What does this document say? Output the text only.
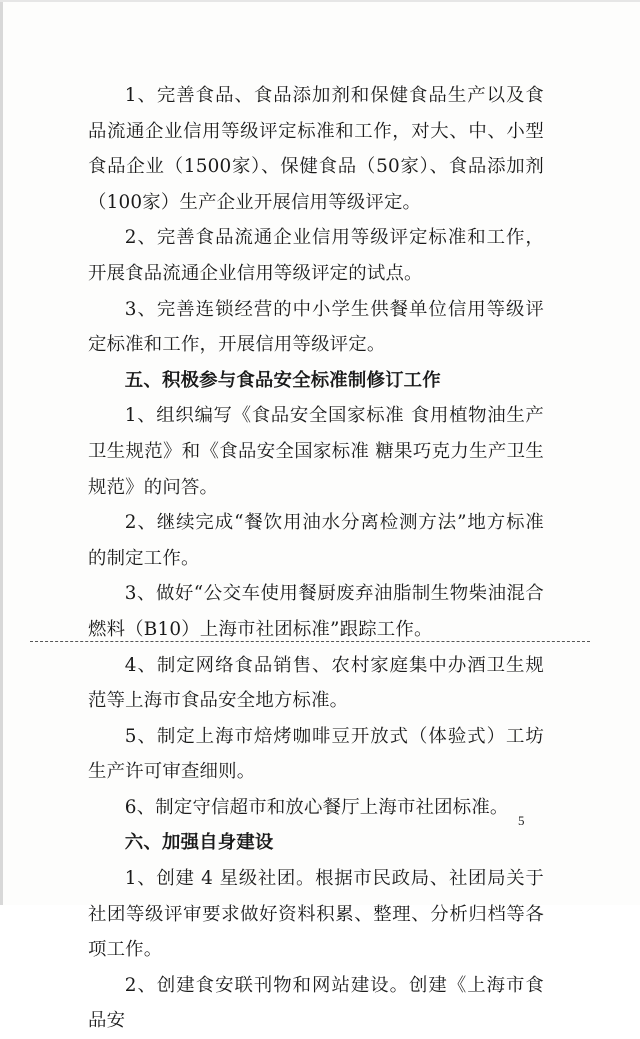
1、完善食品、食品添加剂和保健食品生产以及食品流通企业信用等级评定标准和工作，对大、中、小型食品企业（1500家）、保健食品（50家）、食品添加剂（100家）生产企业开展信用等级评定。

2、完善食品流通企业信用等级评定标准和工作，开展食品流通企业信用等级评定的试点。

3、完善连锁经营的中小学生供餐单位信用等级评定标准和工作，开展信用等级评定。

五、积极参与食品安全标准制修订工作

1、组织编写《食品安全国家标准 食用植物油生产卫生规范》和《食品安全国家标准 糖果巧克力生产卫生规范》的问答。

2、继续完成“餐饮用油水分离检测方法”地方标准的制定工作。

3、做好“公交车使用餐厨废弃油脂制生物柴油混合燃料（B10）上海市社团标准”跟踪工作。

4、制定网络食品销售、农村家庭集中办酒卫生规范等上海市食品安全地方标准。

5、制定上海市焙烤咖啡豆开放式（体验式）工坊生产许可审查细则。

6、制定守信超市和放心餐厅上海市社团标准。

六、加强自身建设

1、创建 4 星级社团。根据市民政局、社团局关于社团等级评审要求做好资料积累、整理、分析归档等各项工作。

2、创建食安联刊物和网站建设。创建《上海市食品安

5
